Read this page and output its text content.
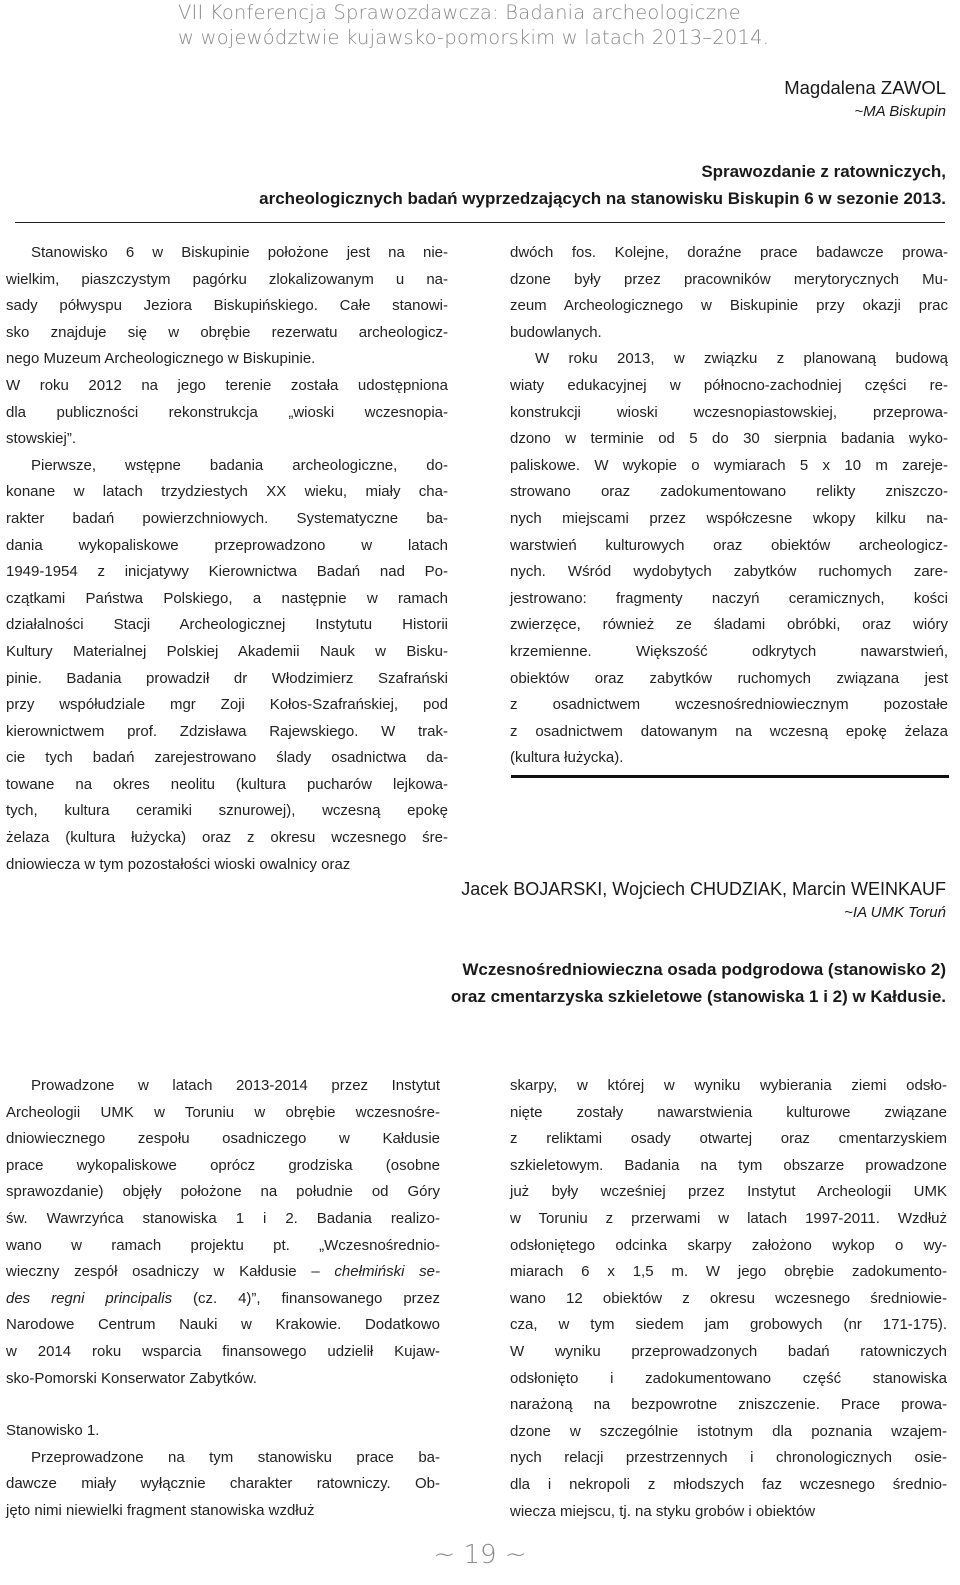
VII Konferencja Sprawozdawcza: Badania archeologiczne
w województwie kujawsko-pomorskim w latach 2013–2014.
Magdalena ZAWOL
~MA Biskupin
Sprawozdanie z ratowniczych,
archeologicznych badań wyprzedzających na stanowisku Biskupin 6 w sezonie 2013.
Stanowisko 6 w Biskupinie położone jest na nie-
wielkim, piaszczystym pagórku zlokalizowanym u na-
sady półwyspu Jeziora Biskupińskiego. Całe stanowi-
sko znajduje się w obrębie rezerwatu archeologicz-
nego Muzeum Archeologicznego w Biskupinie.
W roku 2012 na jego terenie została udostępniona
dla publiczności rekonstrukcja „wioski wczesnopia-
stowskiej”.
Pierwsze, wstępne badania archeologiczne, do-
konane w latach trzydziestych XX wieku, miały cha-
rakter badań powierzchniowych. Systematyczne ba-
dania wykopaliskowe przeprowadzono w latach
1949-1954 z inicjatywy Kierownictwa Badań nad Po-
czątkami Państwa Polskiego, a następnie w ramach
działalności Stacji Archeologicznej Instytutu Historii
Kultury Materialnej Polskiej Akademii Nauk w Bisku-
pinie. Badania prowadził dr Włodzimierz Szafrański
przy współudziale mgr Zoji Kołos-Szafrańskiej, pod
kierownictwem prof. Zdzisława Rajewskiego. W trak-
cie tych badań zarejestrowano ślady osadnictwa da-
towane na okres neolitu (kultura pucharów lejkowa-
tych, kultura ceramiki sznurowej), wczesną epokę
żelaza (kultura łużycka) oraz z okresu wczesnego śre-
dniowiecza w tym pozostałości wioski owalnicy oraz
dwóch fos. Kolejne, doraźne prace badawcze prowa-
dzone były przez pracowników merytorycznych Mu-
zeum Archeologicznego w Biskupinie przy okazji prac
budowlanych.
W roku 2013, w związku z planowaną budową
wiaty edukacyjnej w północno-zachodniej części re-
konstrukcji wioski wczesnopiastowskiej, przeprowa-
dzono w terminie od 5 do 30 sierpnia badania wyko-
paliskowe. W wykopie o wymiarach 5 x 10 m zareje-
strowano oraz zadokumentowano relikty zniszczo-
nych miejscami przez współczesne wkopy kilku na-
warstwień kulturowych oraz obiektów archeologicz-
nych. Wśród wydobytych zabytków ruchomych zare-
jestrowano: fragmenty naczyń ceramicznych, kości
zwierzęce, również ze śladami obróbki, oraz wióry
krzemienne. Większość odkrytych nawarstwień,
obiektów oraz zabytków ruchomych związana jest
z osadnictwem wczesnośredniowiecznym pozostałe
z osadnictwem datowanym na wczesną epokę żelaza
(kultura łużycka).
Jacek BOJARSKI, Wojciech CHUDZIAK, Marcin WEINKAUF
~IA UMK Toruń
Wczesnośredniowieczna osada podgrodowa (stanowisko 2)
oraz cmentarzyska szkieletowe (stanowiska 1 i 2) w Kałdusie.
Prowadzone w latach 2013-2014 przez Instytut
Archeologii UMK w Toruniu w obrębie wczesnośre-
dniowiecznego zespołu osadniczego w Kałdusie
prace wykopaliskowe oprócz grodziska (osobne
sprawozdanie) objęły położone na południe od Góry
św. Wawrzyńca stanowiska 1 i 2. Badania realizo-
wano w ramach projektu pt. „Wczesnośrednio-
wieczny zespół osadniczy w Kałdusie – chełmiński se-
des regni principalis (cz. 4)”, finansowanego przez
Narodowe Centrum Nauki w Krakowie. Dodatkowo
w 2014 roku wsparcia finansowego udzielił Kujaw-
sko-Pomorski Konserwator Zabytków.
Stanowisko 1.
Przeprowadzone na tym stanowisku prace ba-
dawcze miały wyłącznie charakter ratowniczy. Ob-
jęto nimi niewielki fragment stanowiska wzdłuż
skarpy, w której w wyniku wybierania ziemi odsło-
nięte zostały nawarstwienia kulturowe związane
z reliktami osady otwartej oraz cmentarzyskiem
szkieletowym. Badania na tym obszarze prowadzone
już były wcześniej przez Instytut Archeologii UMK
w Toruniu z przerwami w latach 1997-2011. Wzdłuż
odsłoniętego odcinka skarpy założono wykop o wy-
miarach 6 x 1,5 m. W jego obrębie zadokumento-
wano 12 obiektów z okresu wczesnego średniowie-
cza, w tym siedem jam grobowych (nr 171-175).
W wyniku przeprowadzonych badań ratowniczych
odsłonięto i zadokumentowano część stanowiska
narażoną na bezpowrotne zniszczenie. Prace prowa-
dzone w szczególnie istotnym dla poznania wzajem-
nych relacji przestrzennych i chronologicznych osie-
dla i nekropoli z młodszych faz wczesnego średnio-
wiecza miejscu, tj. na styku grobów i obiektów
~ 19 ~
